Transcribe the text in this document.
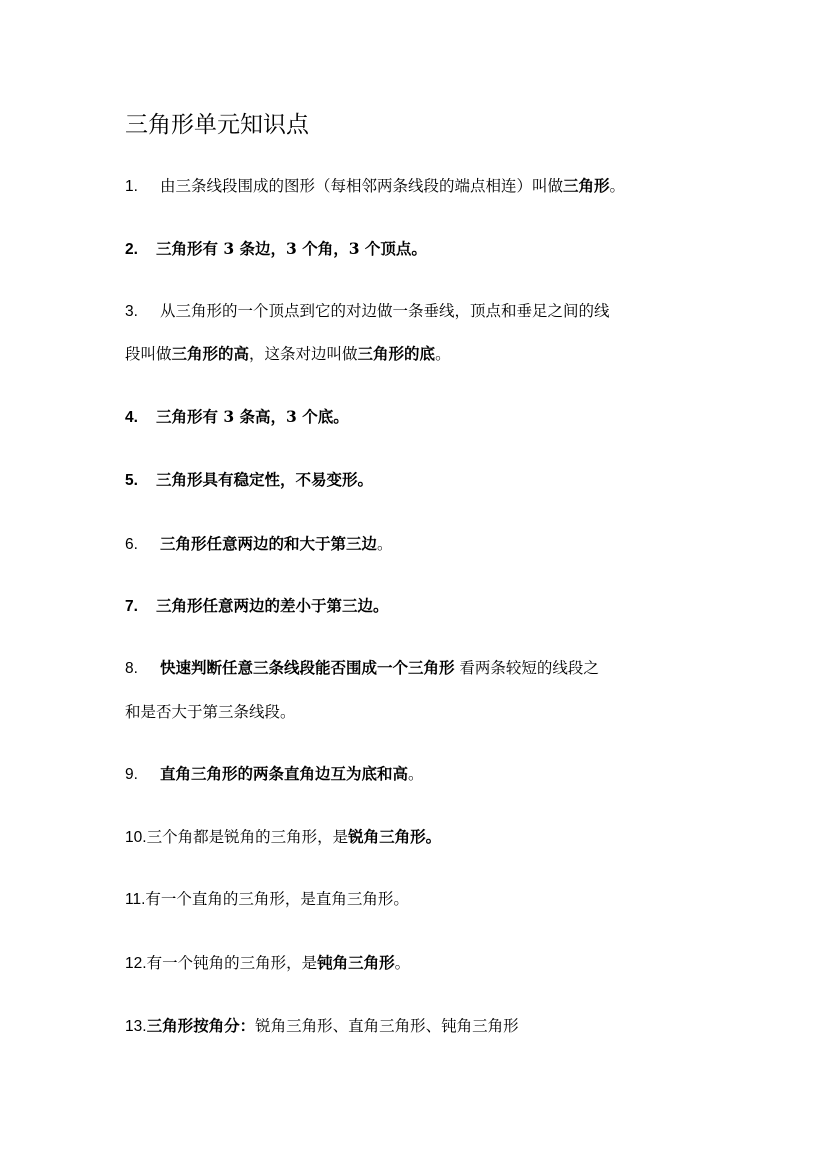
三角形单元知识点
1. 由三条线段围成的图形（每相邻两条线段的端点相连）叫做三角形。
2. 三角形有 3 条边，3 个角，3 个顶点。
3. 从三角形的一个顶点到它的对边做一条垂线，顶点和垂足之间的线
段叫做三角形的高，这条对边叫做三角形的底。
4. 三角形有 3 条高，3 个底。
5. 三角形具有稳定性，不易变形。
6. 三角形任意两边的和大于第三边。
7. 三角形任意两边的差小于第三边。
8. 快速判断任意三条线段能否围成一个三角形 看两条较短的线段之
和是否大于第三条线段。
9. 直角三角形的两条直角边互为底和高。
10.三个角都是锐角的三角形，是锐角三角形。
11.有一个直角的三角形，是直角三角形。
12.有一个钝角的三角形，是钝角三角形。
13.三角形按角分：锐角三角形、直角三角形、钝角三角形
